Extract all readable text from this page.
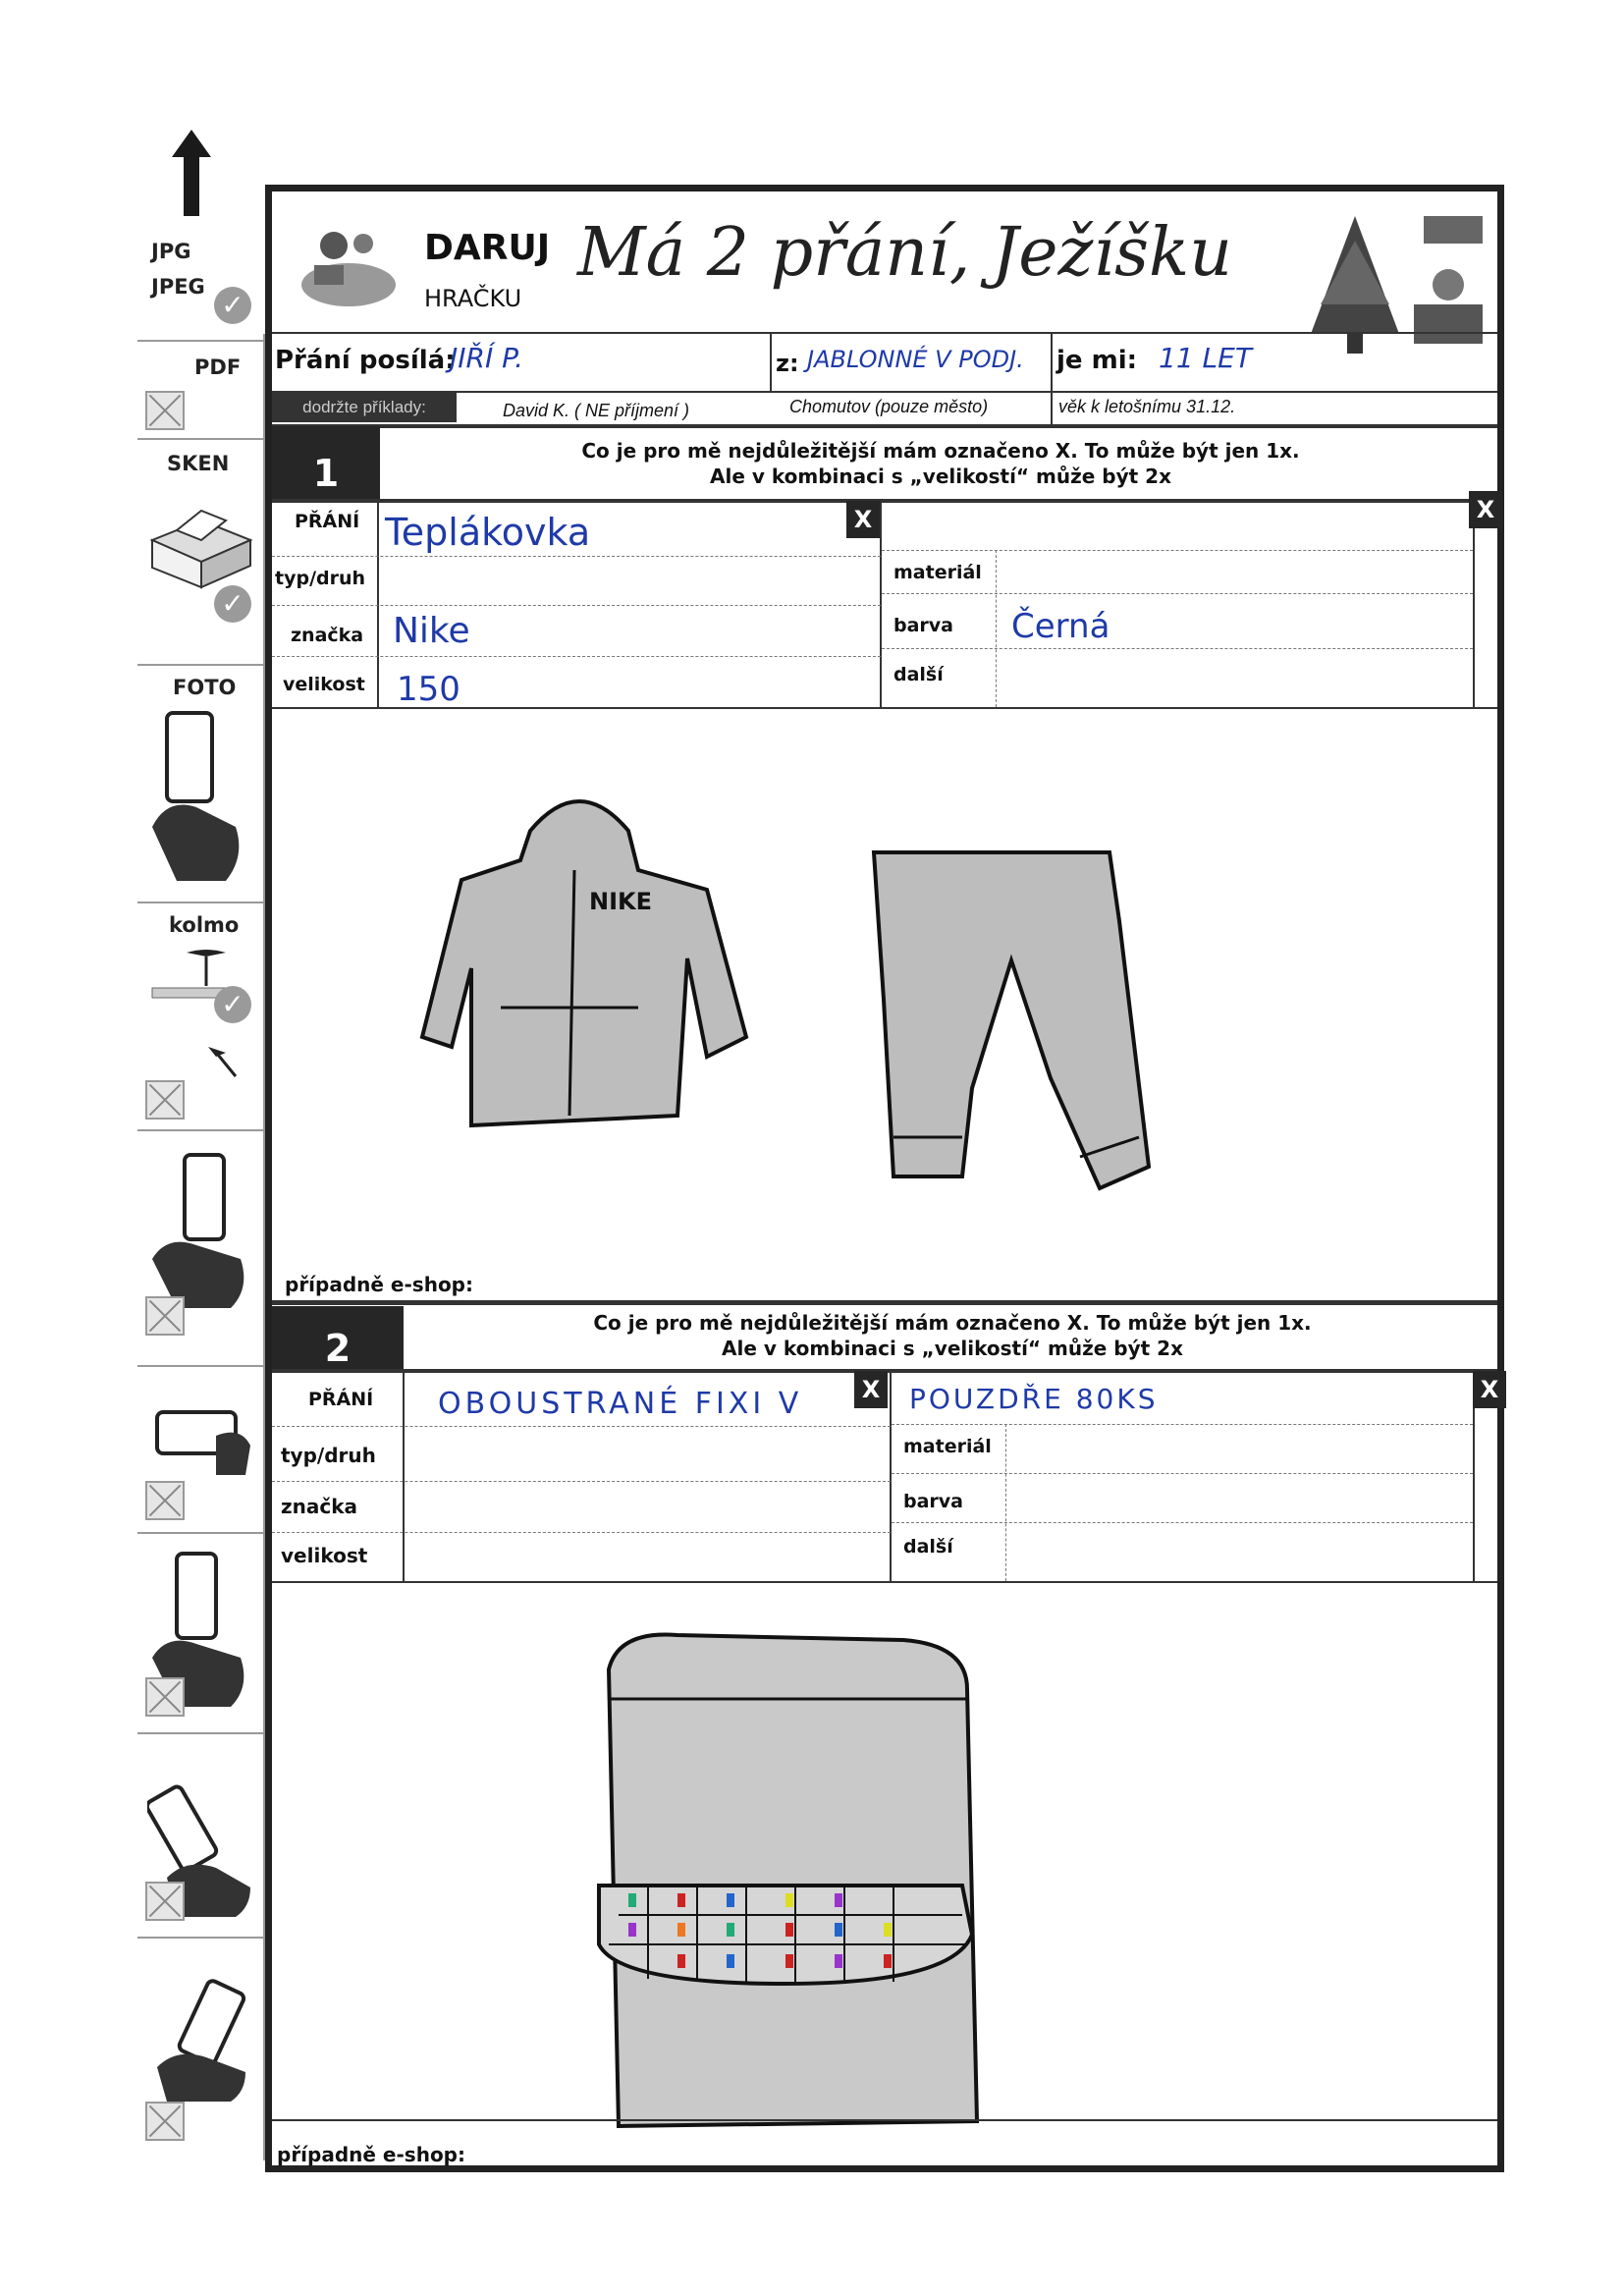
JPG
JPEG
✓
PDF
SKEN
✓
FOTO
kolmo
✓
DARUJ
HRAČKU
Má 2 přání, Ježíšku
Přání posílá:
JIŘÍ P.	z: JABLONNÉ V PODJ. je mi: 11 LET
dodržte příklady:	David K. ( NE příjmení )	Chomutov (pouze město)	věk k letošnímu 31.12.
1
Co je pro mě nejdůležitější mám označeno X. To může být jen 1x.
Ale v kombinaci s „velikostí“ může být 2x
X	X
PŘÁNÍ Teplákovka
typ/druh
značka Nike
velikost 150
materiál
barva Černá
další
NIKE
případně e-shop:
2
Co je pro mě nejdůležitější mám označeno X. To může být jen 1x.
Ale v kombinaci s „velikostí“ může být 2x
X	X
PŘÁNÍ OBOUSTRANÉ FIXI V	POUZDŘE 80KS
typ/druh
značka
velikost
materiál
barva
další
případně e-shop:
